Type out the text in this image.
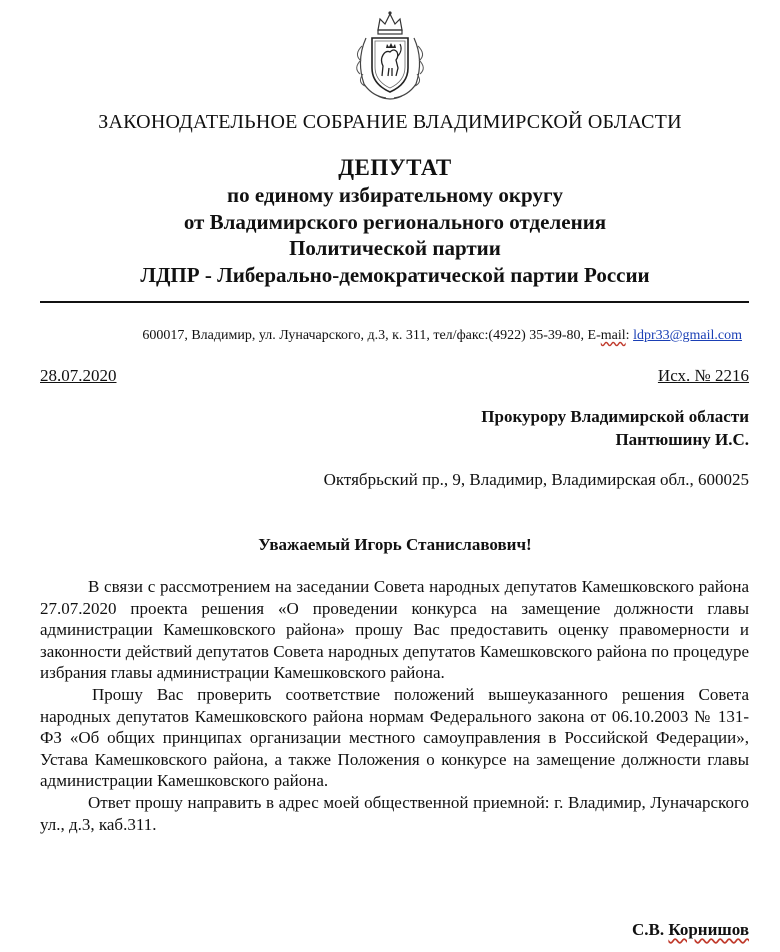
ЗАКОНОДАТЕЛЬНОЕ СОБРАНИЕ ВЛАДИМИРСКОЙ ОБЛАСТИ
ДЕПУТАТ
по единому избирательному округу
от Владимирского регионального отделения
Политической партии
ЛДПР - Либерально-демократической партии России
600017, Владимир, ул. Луначарского, д.3, к. 311, тел/факс:(4922) 35-39-80, E-mail: ldpr33@gmail.com
28.07.2020	Исх. № 2216
Прокурору Владимирской области
Пантюшину И.С.
Октябрьский пр., 9, Владимир, Владимирская обл., 600025
Уважаемый Игорь Станиславович!

В связи с рассмотрением на заседании Совета народных депутатов Камешковского района 27.07.2020 проекта решения «О проведении конкурса на замещение должности главы администрации Камешковского района» прошу Вас предоставить оценку правомерности и законности действий депутатов Совета народных депутатов Камешковского района по процедуре избрания главы администрации Камешковского района.

Прошу Вас проверить соответствие положений вышеуказанного решения Совета народных депутатов Камешковского района нормам Федерального закона от 06.10.2003 № 131-ФЗ «Об общих принципах организации местного самоуправления в Российской Федерации», Устава Камешковского района, а также Положения о конкурсе на замещение должности главы администрации Камешковского района.

Ответ прошу направить в адрес моей общественной приемной: г. Владимир, Луначарского ул., д.3, каб.311.

С.В. Корнишов
